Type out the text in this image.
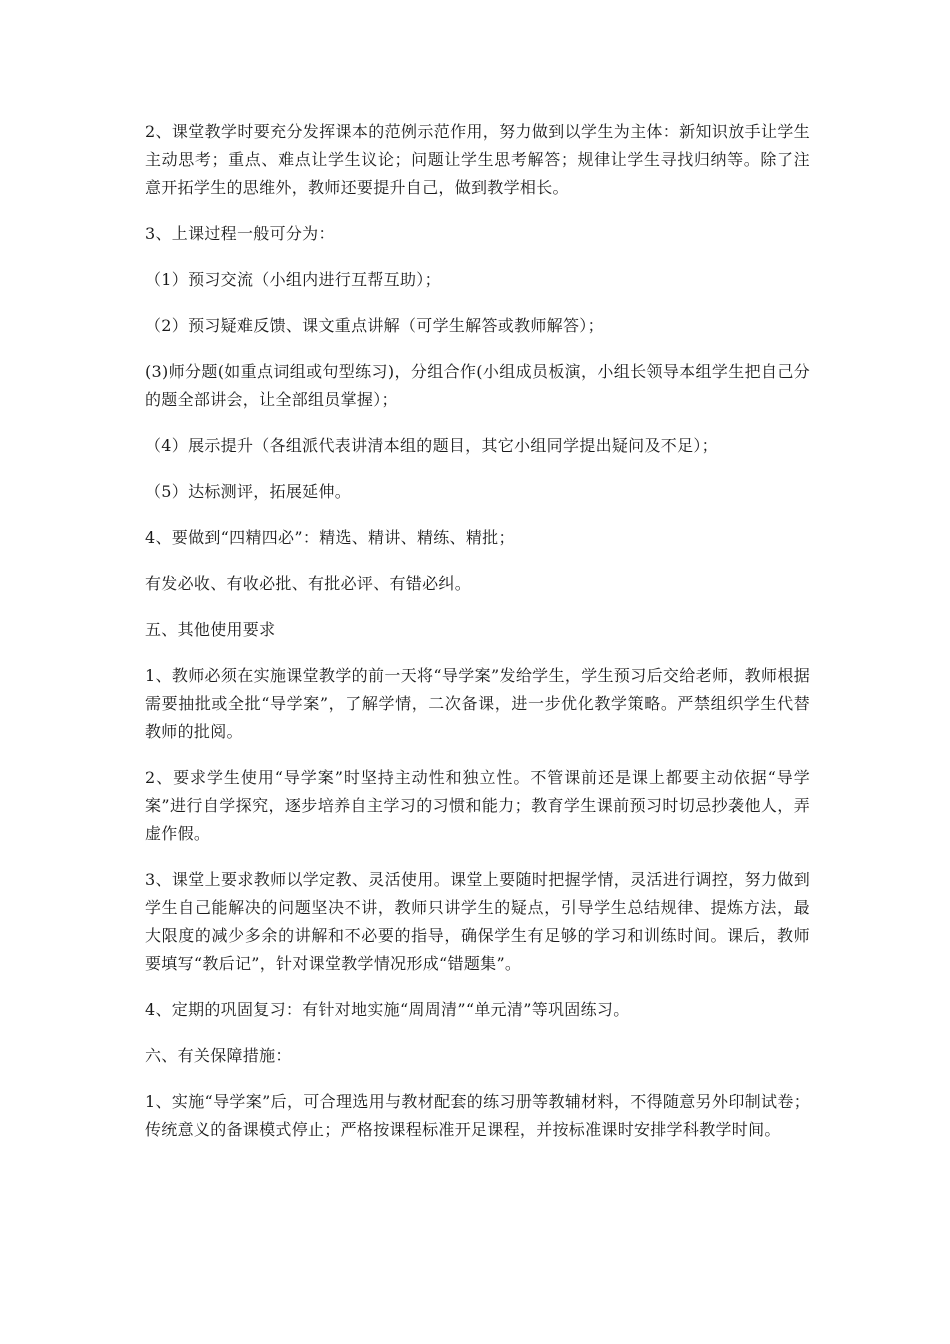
2、课堂教学时要充分发挥课本的范例示范作用，努力做到以学生为主体：新知识放手让学生主动思考；重点、难点让学生议论；问题让学生思考解答；规律让学生寻找归纳等。除了注意开拓学生的思维外，教师还要提升自己，做到教学相长。

3、上课过程一般可分为：

（1）预习交流（小组内进行互帮互助）；

（2）预习疑难反馈、课文重点讲解（可学生解答或教师解答）；

(3)师分题(如重点词组或句型练习)，分组合作(小组成员板演，小组长领导本组学生把自己分的题全部讲会，让全部组员掌握）；

（4）展示提升（各组派代表讲清本组的题目，其它小组同学提出疑问及不足）；

（5）达标测评，拓展延伸。

4、要做到“四精四必”：精选、精讲、精练、精批；

有发必收、有收必批、有批必评、有错必纠。

五、其他使用要求

1、教师必须在实施课堂教学的前一天将“导学案”发给学生，学生预习后交给老师，教师根据需要抽批或全批“导学案”，了解学情，二次备课，进一步优化教学策略。严禁组织学生代替教师的批阅。

2、要求学生使用“导学案”时坚持主动性和独立性。不管课前还是课上都要主动依据“导学案”进行自学探究，逐步培养自主学习的习惯和能力；教育学生课前预习时切忌抄袭他人，弄虚作假。

3、课堂上要求教师以学定教、灵活使用。课堂上要随时把握学情，灵活进行调控，努力做到学生自己能解决的问题坚决不讲，教师只讲学生的疑点，引导学生总结规律、提炼方法，最大限度的减少多余的讲解和不必要的指导，确保学生有足够的学习和训练时间。课后，教师要填写“教后记”，针对课堂教学情况形成“错题集”。

4、定期的巩固复习：有针对地实施“周周清”“单元清”等巩固练习。

六、有关保障措施：

1、实施“导学案”后，可合理选用与教材配套的练习册等教辅材料，不得随意另外印制试卷；传统意义的备课模式停止；严格按课程标准开足课程，并按标准课时安排学科教学时间。
